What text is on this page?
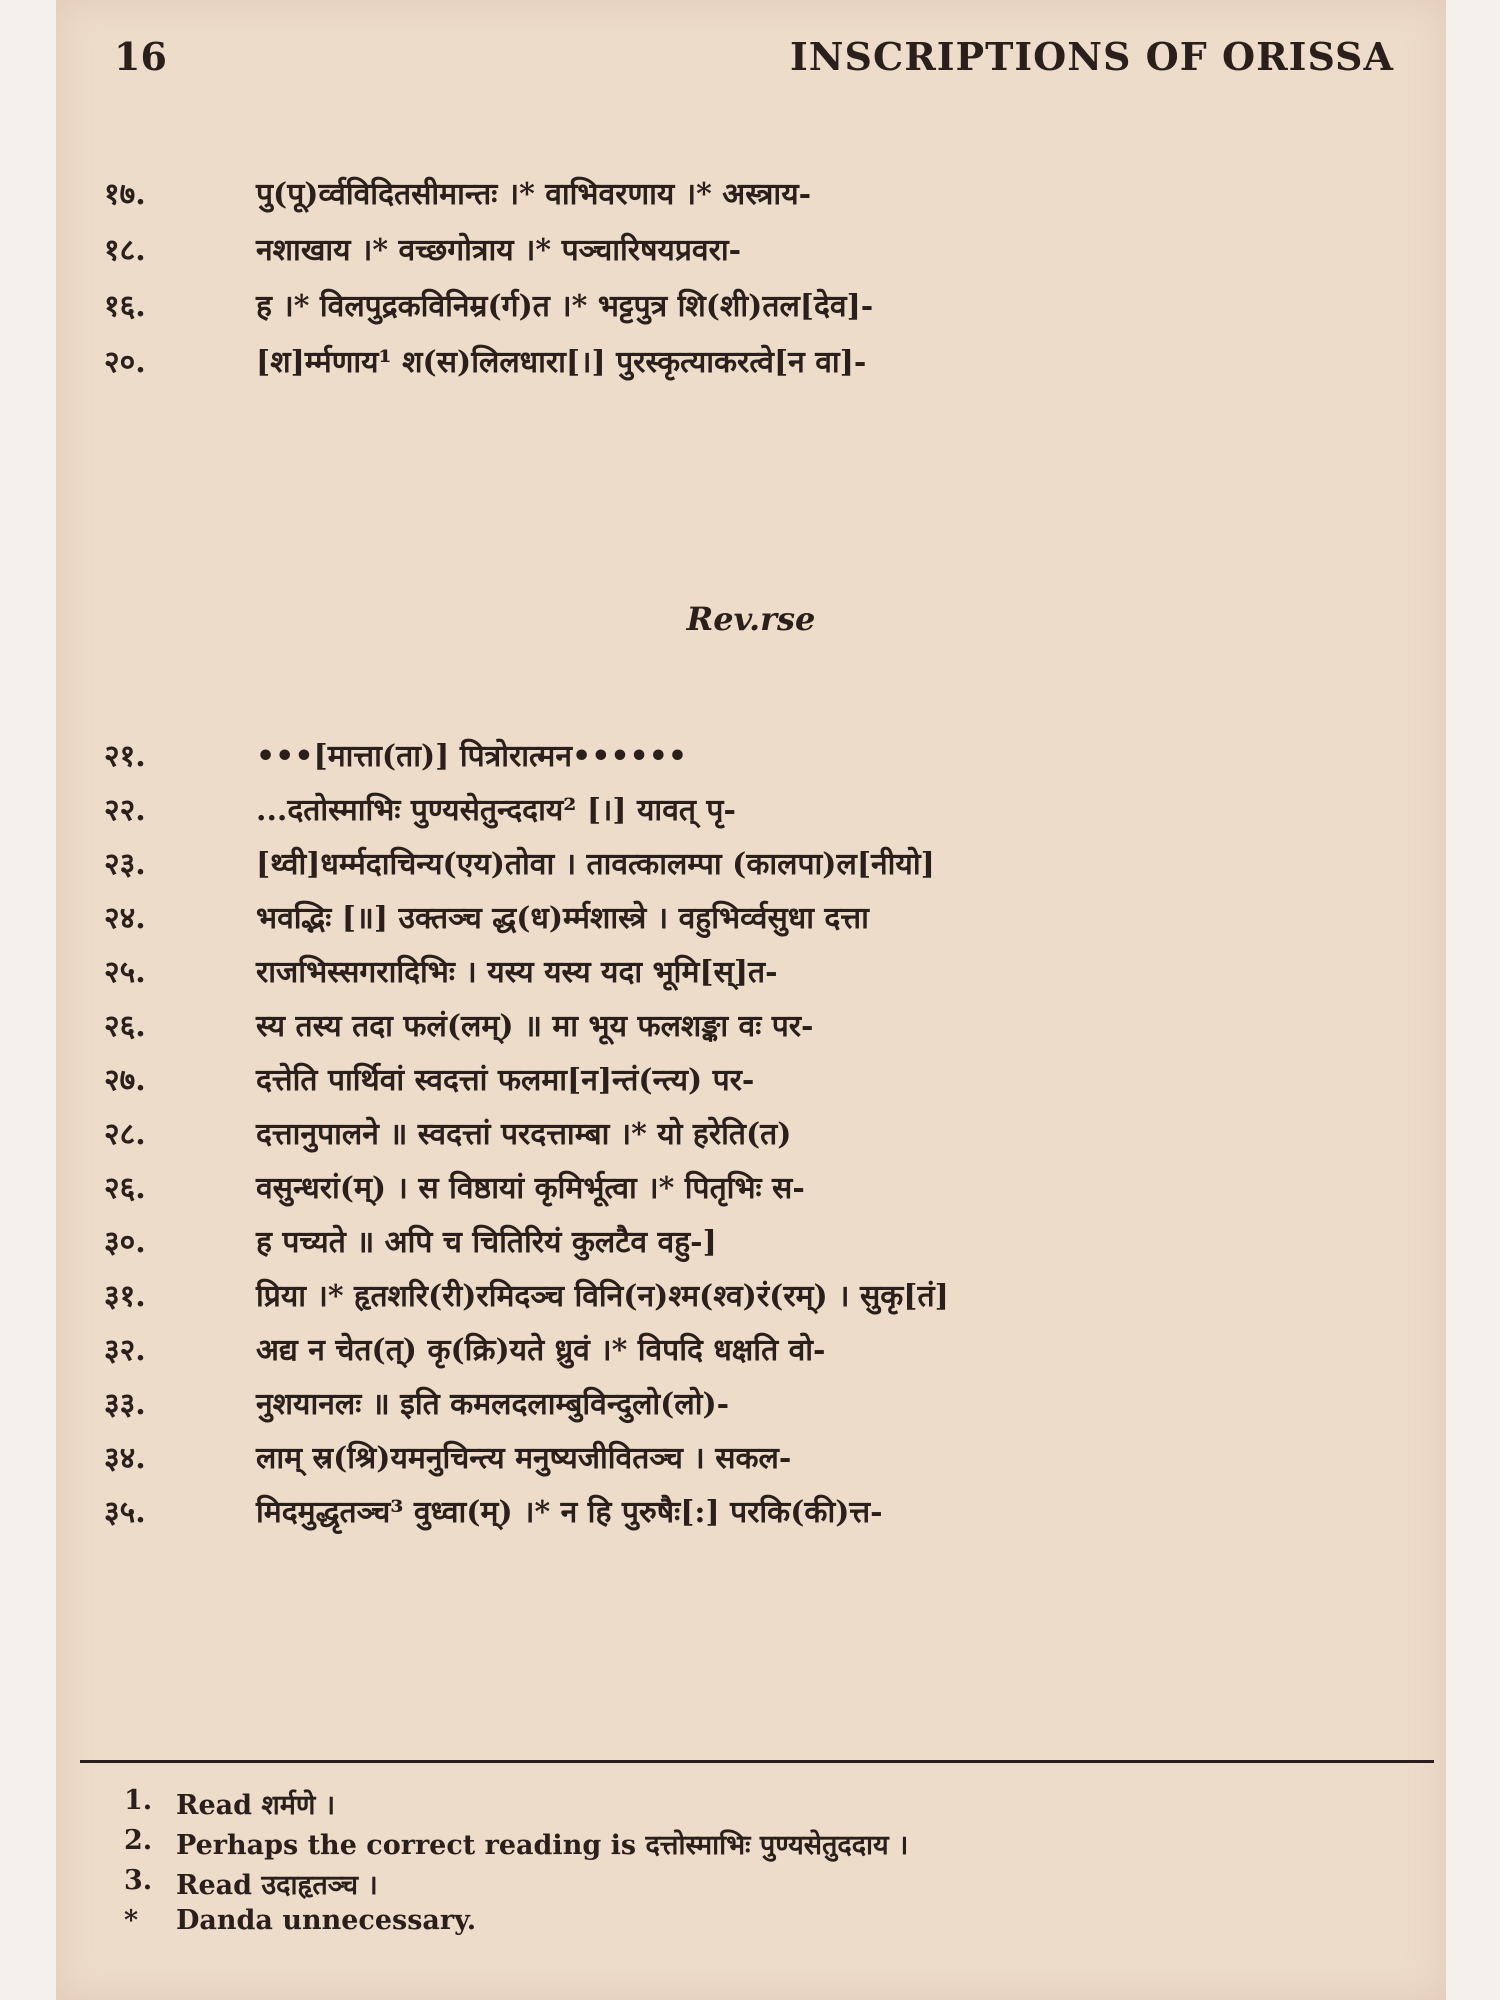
16	INSCRIPTIONS OF ORISSA
१७.	पु(पू)र्व्वविदितसीमान्तः ।* वाभिवरणाय ।* अस्त्राय-
१८.	नशाखाय ।* वच्छगोत्राय ।* पञ्चारिषयप्रवरा-
१६.	ह ।* विलपुद्रकविनिम्र(र्ग)त ।* भट्टपुत्र शि(शी)तल[देव]-
२०.	[श]र्म्मणाय¹ श(स)लिलधारा[।] पुरस्कृत्याकरत्वे[न वा]-
Rev.rse
२१.	•••[मात्ता(ता)] पित्रोरात्मन••••••
२२.	...दतोस्माभिः पुण्यसेतुन्ददाय² [।] यावत् पृ-
२३.	[थ्वी]धर्म्मदाचिन्य(एय)तोवा । तावत्कालम्पा (कालपा)ल[नीयो]
२४.	भवद्भिः [॥] उक्तञ्च द्ध(ध)र्म्मशास्त्रे । वहुभिर्व्वसुधा दत्ता
२५.	राजभिस्सगरादिभिः । यस्य यस्य यदा भूमि[स्]त-
२६.	स्य तस्य तदा फलं(लम्) ॥ मा भूय फलशङ्का वः पर-
२७.	दत्तेति पार्थिवां स्वदत्तां फलमा[न]न्तं(न्त्य) पर-
२८.	दत्तानुपालने ॥ स्वदत्तां परदत्ताम्बा ।* यो हरेति(त)
२६.	वसुन्धरां(म्) । स विष्ठायां कृमिर्भूत्वा ।* पितृभिः स-
३०.	ह पच्यते ॥ अपि च चितिरियं कुलटैव वहु-]
३१.	प्रिया ।* हृतशरि(री)रमिदञ्च विनि(न)श्म(श्व)रं(रम्) । सुकृ[तं]
३२.	अद्य न चेत(त्) कृ(क्रि)यते ध्रुवं ।* विपदि धक्षति वो-
३३.	नुशयानलः ॥ इति कमलदलाम्बुविन्दुलो(लो)-
३४.	लाम् स्र(श्रि)यमनुचिन्त्य मनुष्यजीवितञ्च । सकल-
३५.	मिदमुद्धृतञ्च³ वुध्वा(म्) ।* न हि पुरुषैः[:] परकि(की)त्त-
1. Read शर्मणे ।
2. Perhaps the correct reading is दत्तोस्माभिः पुण्यसेतुददाय ।
3. Read उदाहृतञ्च ।
*	Danda unnecessary.
